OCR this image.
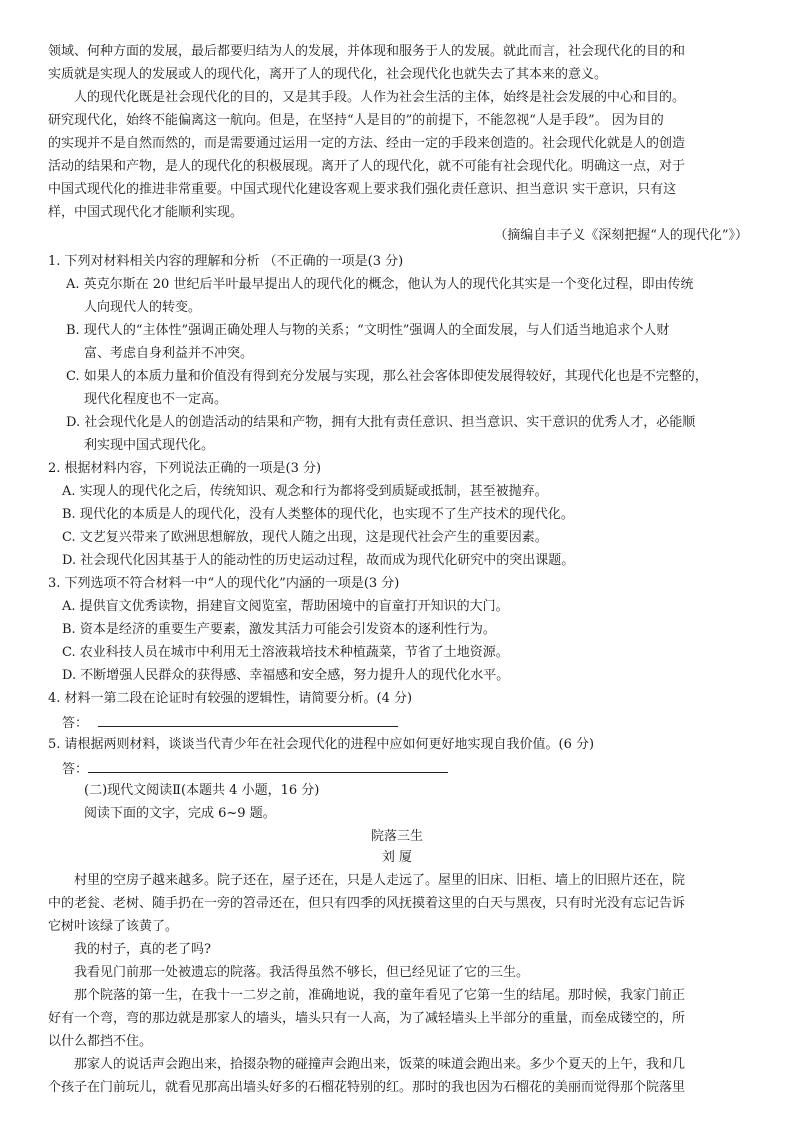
领域、何种方面的发展，最后都要归结为人的发展，并体现和服务于人的发展。就此而言，社会现代化的目的和

实质就是实现人的发展或人的现代化，离开了人的现代化，社会现代化也就失去了其本来的意义。

人的现代化既是社会现代化的目的，又是其手段。人作为社会生活的主体，始终是社会发展的中心和目的。

研究现代化，始终不能偏离这一航向。但是，在坚持“人是目的”的前提下，不能忽视“人是手段”。 因为目的

的实现并不是自然而然的，而是需要通过运用一定的方法、经由一定的手段来创造的。社会现代化就是人的创造

活动的结果和产物，是人的现代化的积极展现。离开了人的现代化，就不可能有社会现代化。明确这一点，对于

中国式现代化的推进非常重要。中国式现代化建设客观上要求我们强化责任意识、担当意识 实干意识，只有这

样，中国式现代化才能顺利实现。

（摘编自丰子义《深刻把握“人的现代化”》）

1. 下列对材料相关内容的理解和分析 （不正确的一项是(3 分)

A. 英克尔斯在 20 世纪后半叶最早提出人的现代化的概念，他认为人的现代化其实是一个变化过程，即由传统

人向现代人的转变。

B. 现代人的“主体性”强调正确处理人与物的关系；“文明性”强调人的全面发展，与人们适当地追求个人财

富、考虑自身利益并不冲突。

C. 如果人的本质力量和价值没有得到充分发展与实现，那么社会客体即使发展得较好，其现代化也是不完整的，

现代化程度也不一定高。

D. 社会现代化是人的创造活动的结果和产物，拥有大批有责任意识、担当意识、实干意识的优秀人才，必能顺

利实现中国式现代化。

2. 根据材料内容，下列说法正确的一项是(3 分)

A. 实现人的现代化之后，传统知识、观念和行为都将受到质疑或抵制，甚至被抛弃。

B. 现代化的本质是人的现代化，没有人类整体的现代化，也实现不了生产技术的现代化。

C. 文艺复兴带来了欧洲思想解放，现代人随之出现，这是现代社会产生的重要因素。

D. 社会现代化因其基于人的能动性的历史运动过程，故而成为现代化研究中的突出课题。

3. 下列选项不符合材料一中“人的现代化”内涵的一项是(3 分)

A. 提供盲文优秀读物，捐建盲文阅览室，帮助困境中的盲童打开知识的大门。

B. 资本是经济的重要生产要素，激发其活力可能会引发资本的逐利性行为。

C. 农业科技人员在城市中利用无土溶液栽培技术种植蔬菜，节省了土地资源。

D. 不断增强人民群众的获得感、幸福感和安全感，努力提升人的现代化水平。

4. 材料一第二段在论证时有较强的逻辑性，请简要分析。(4 分)

答：

5. 请根据两则材料，谈谈当代青少年在社会现代化的进程中应如何更好地实现自我价值。(6 分)

答：

(二)现代文阅读Ⅱ(本题共 4 小题，16 分)

阅读下面的文字，完成 6~9 题。

院落三生

刘 厦

村里的空房子越来越多。院子还在，屋子还在，只是人走远了。屋里的旧床、旧柜、墙上的旧照片还在，院

中的老瓮、老树、随手扔在一旁的笤帚还在，但只有四季的风抚摸着这里的白天与黑夜，只有时光没有忘记告诉

它树叶该绿了该黄了。

我的村子，真的老了吗?

我看见门前那一处被遗忘的院落。我活得虽然不够长，但已经见证了它的三生。

那个院落的第一生，在我十一二岁之前，准确地说，我的童年看见了它第一生的结尾。那时候，我家门前正

好有一个弯，弯的那边就是那家人的墙头，墙头只有一人高，为了减轻墙头上半部分的重量，而垒成镂空的，所

以什么都挡不住。

那家人的说话声会跑出来，拾掇杂物的碰撞声会跑出来，饭菜的味道会跑出来。多少个夏天的上午，我和几

个孩子在门前玩儿，就看见那高出墙头好多的石榴花特别的红。那时的我也因为石榴花的美丽而觉得那个院落里
